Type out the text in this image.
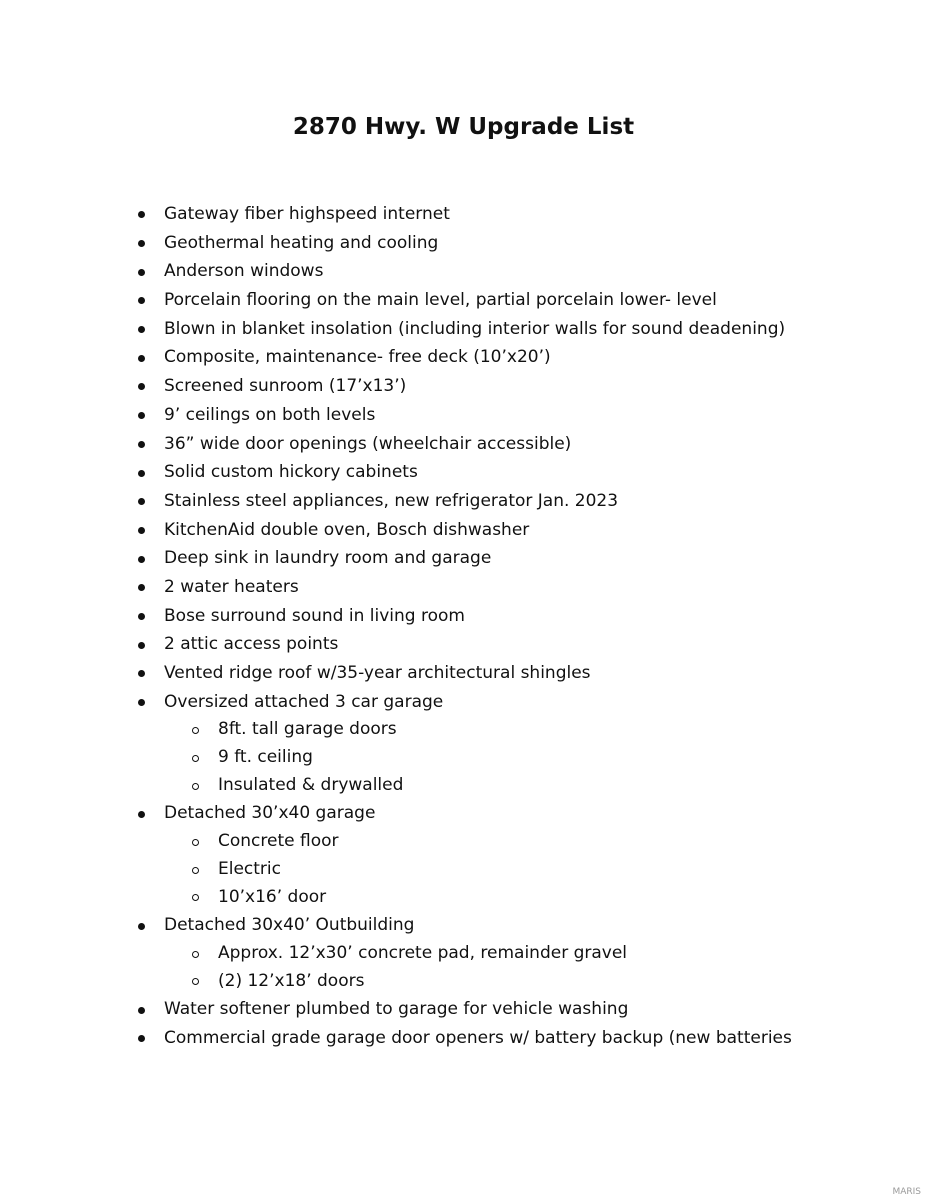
2870 Hwy. W Upgrade List
Gateway fiber highspeed internet
Geothermal heating and cooling
Anderson windows
Porcelain flooring on the main level, partial porcelain lower- level
Blown in blanket insolation (including interior walls for sound deadening)
Composite, maintenance- free deck (10’x20’)
Screened sunroom (17’x13’)
9’ ceilings on both levels
36” wide door openings (wheelchair accessible)
Solid custom hickory cabinets
Stainless steel appliances, new refrigerator Jan. 2023
KitchenAid double oven, Bosch dishwasher
Deep sink in laundry room and garage
2 water heaters
Bose surround sound in living room
2 attic access points
Vented ridge roof w/35-year architectural shingles
Oversized attached 3 car garage
8ft. tall garage doors
9 ft. ceiling
Insulated & drywalled
Detached 30’x40 garage
Concrete floor
Electric
10’x16’ door
Detached 30x40’ Outbuilding
Approx. 12’x30’ concrete pad, remainder gravel
(2) 12’x18’ doors
Water softener plumbed to garage for vehicle washing
Commercial grade garage door openers w/ battery backup (new batteries
MARIS
